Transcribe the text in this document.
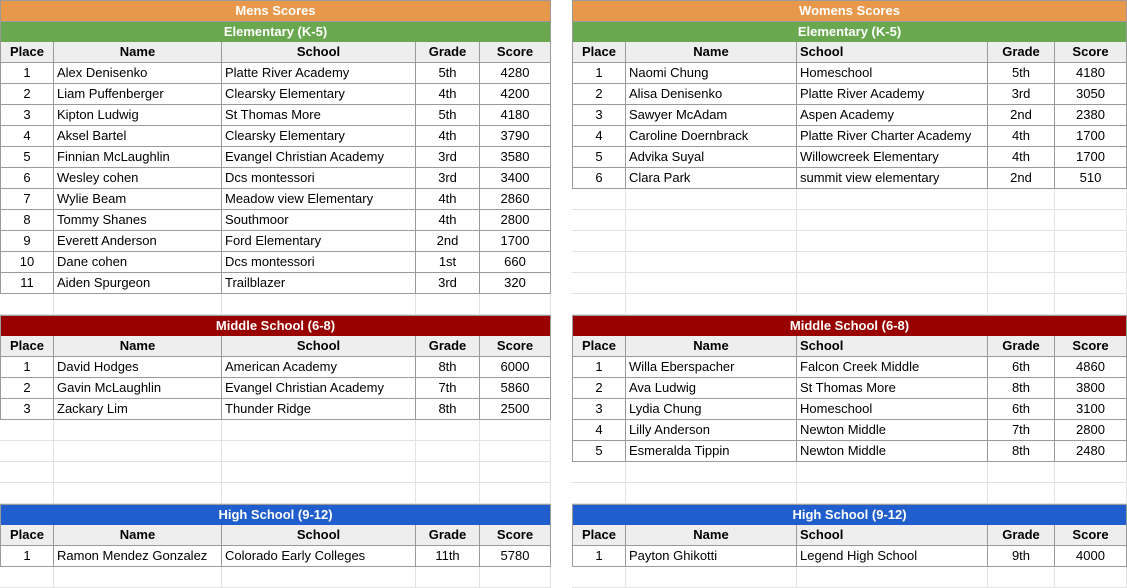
Mens Scores
Elementary (K-5)
Place	Name	School	Grade	Score
1	Alex Denisenko	Platte River Academy	5th	4280
2	Liam Puffenberger	Clearsky Elementary	4th	4200
3	Kipton Ludwig	St Thomas More	5th	4180
4	Aksel Bartel	Clearsky Elementary	4th	3790
5	Finnian McLaughlin	Evangel Christian Academy	3rd	3580
6	Wesley cohen	Dcs montessori	3rd	3400
7	Wylie Beam	Meadow view Elementary	4th	2860
8	Tommy Shanes	Southmoor	4th	2800
9	Everett Anderson	Ford Elementary	2nd	1700
10	Dane cohen	Dcs montessori	1st	660
11	Aiden Spurgeon	Trailblazer	3rd	320
Middle School (6-8)
Place	Name	School	Grade	Score
1	David Hodges	American Academy	8th	6000
2	Gavin McLaughlin	Evangel Christian Academy	7th	5860
3	Zackary Lim	Thunder Ridge	8th	2500
High School (9-12)
Place	Name	School	Grade	Score
1	Ramon Mendez Gonzalez	Colorado Early Colleges	11th	5780
Womens Scores
Elementary (K-5)
Place	Name	School	Grade	Score
1	Naomi Chung	Homeschool	5th	4180
2	Alisa Denisenko	Platte River Academy	3rd	3050
3	Sawyer McAdam	Aspen Academy	2nd	2380
4	Caroline Doernbrack	Platte River Charter Academy	4th	1700
5	Advika Suyal	Willowcreek Elementary	4th	1700
6	Clara Park	summit view elementary	2nd	510
Middle School (6-8)
Place	Name	School	Grade	Score
1	Willa Eberspacher	Falcon Creek Middle	6th	4860
2	Ava Ludwig	St Thomas More	8th	3800
3	Lydia Chung	Homeschool	6th	3100
4	Lilly Anderson	Newton Middle	7th	2800
5	Esmeralda Tippin	Newton Middle	8th	2480
High School (9-12)
Place	Name	School	Grade	Score
1	Payton Ghikotti	Legend High School	9th	4000
